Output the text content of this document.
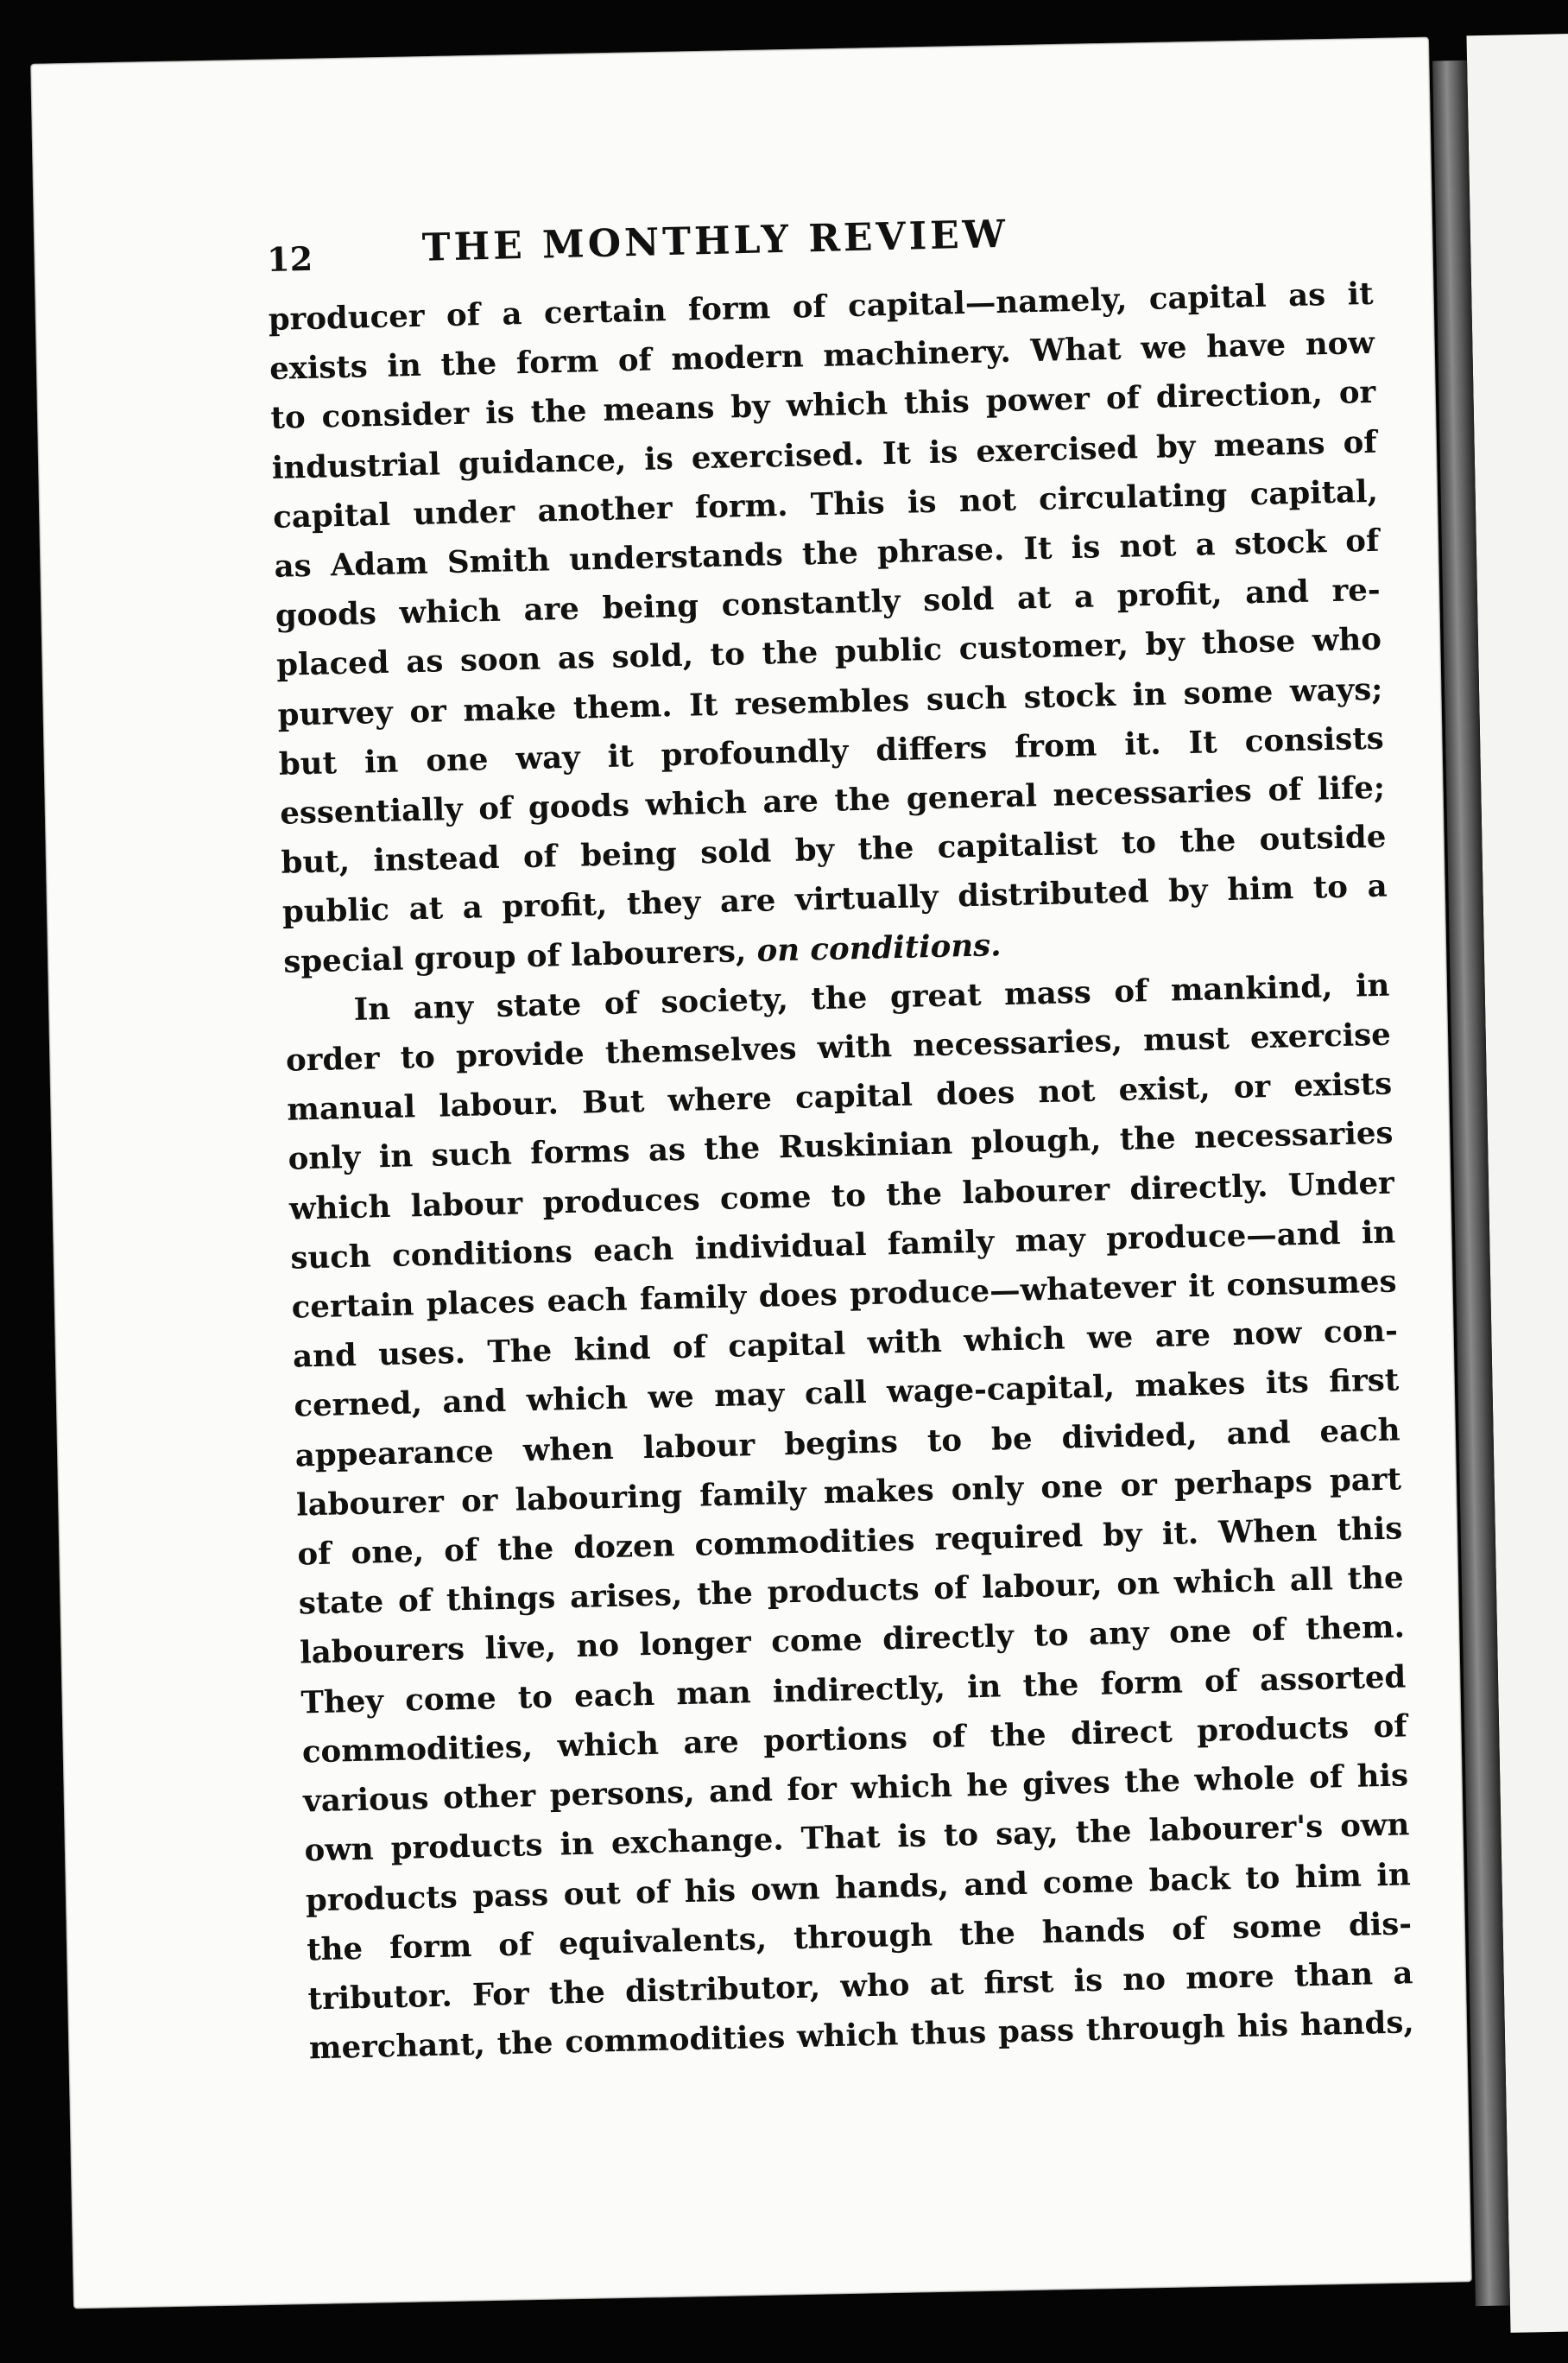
12	THE MONTHLY REVIEW

producer of a certain form of capital—namely, capital as it
exists in the form of modern machinery. What we have now
to consider is the means by which this power of direction, or
industrial guidance, is exercised. It is exercised by means of
capital under another form. This is not circulating capital,
as Adam Smith understands the phrase. It is not a stock of
goods which are being constantly sold at a profit, and re-
placed as soon as sold, to the public customer, by those who
purvey or make them. It resembles such stock in some ways;
but in one way it profoundly differs from it. It consists
essentially of goods which are the general necessaries of life;
but, instead of being sold by the capitalist to the outside
public at a profit, they are virtually distributed by him to a
special group of labourers, on conditions.

In any state of society, the great mass of mankind, in
order to provide themselves with necessaries, must exercise
manual labour. But where capital does not exist, or exists
only in such forms as the Ruskinian plough, the necessaries
which labour produces come to the labourer directly. Under
such conditions each individual family may produce—and in
certain places each family does produce—whatever it consumes
and uses. The kind of capital with which we are now con-
cerned, and which we may call wage-capital, makes its first
appearance when labour begins to be divided, and each
labourer or labouring family makes only one or perhaps part
of one, of the dozen commodities required by it. When this
state of things arises, the products of labour, on which all the
labourers live, no longer come directly to any one of them.
They come to each man indirectly, in the form of assorted
commodities, which are portions of the direct products of
various other persons, and for which he gives the whole of his
own products in exchange. That is to say, the labourer's own
products pass out of his own hands, and come back to him in
the form of equivalents, through the hands of some dis-
tributor. For the distributor, who at first is no more than a
merchant, the commodities which thus pass through his hands,
